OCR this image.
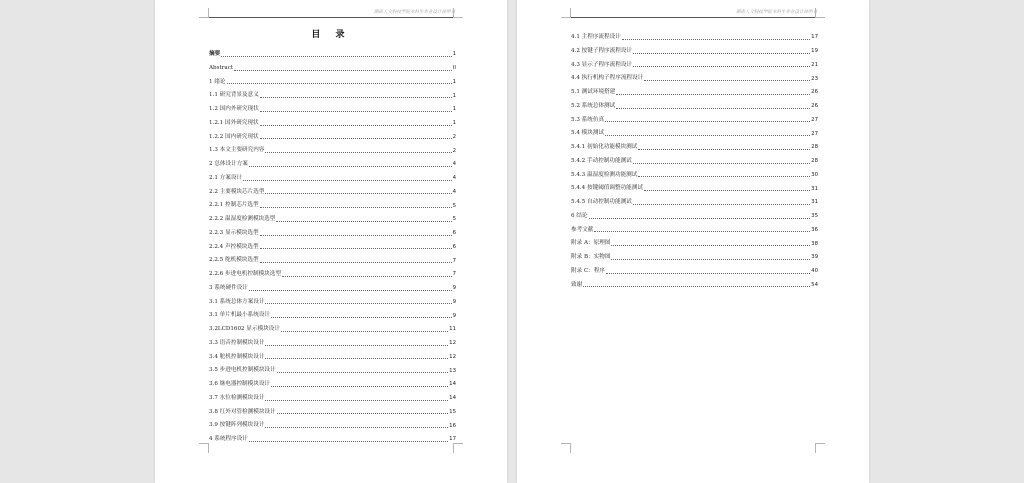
湖南人文科技学院本科生毕业设计说明书
目 录
摘要	1
Abstract	II
1 绪论	1
1.1 研究背景及意义	1
1.2 国内外研究现状	1
1.2.1 国外研究现状	1
1.2.2 国内研究现状	2
1.3 本文主要研究内容	2
2 总体设计方案	4
2.1 方案设计	4
2.2 主要模块芯片选型	4
2.2.1 控制芯片选型	5
2.2.2 温湿度检测模块选型	5
2.2.3 显示模块选型	6
2.2.4 声控模块选型	6
2.2.5 舵机模块选型	7
2.2.6 步进电机控制模块选型	7
3 系统硬件设计	9
3.1 系统总体方案设计	9
3.1 单片机最小系统设计	9
3.2LCD1602 显示模块设计	11
3.3 语音控制模块设计	12
3.4 舵机控制模块设计	12
3.5 步进电机控制模块设计	13
3.6 继电器控制模块设计	14
3.7 水位检测模块设计	14
3.8 红外对管检测模块设计	15
3.9 按键阵列模块设计	16
4 系统程序设计	17
湖南人文科技学院本科生毕业设计说明书
4.1 主程序流程设计	17
4.2 按键子程序流程设计	19
4.3 显示子程序流程设计	21
4.4 执行机构子程序流程设计	23
5.1 测试环境搭建	26
5.2 系统总体测试	26
5.3 系统仿真	27
5.4 模块测试	27
5.4.1 初始化功能模块测试	28
5.4.2 手动控制功能测试	28
5.4.3 温湿度检测功能测试	30
5.4.4 按键阈值调整功能测试	31
5.4.5 自动控制功能测试	31
6 结论	35
参考文献	36
附录 A：原理图	38
附录 B：实物图	39
附录 C：程序	40
致谢	54
